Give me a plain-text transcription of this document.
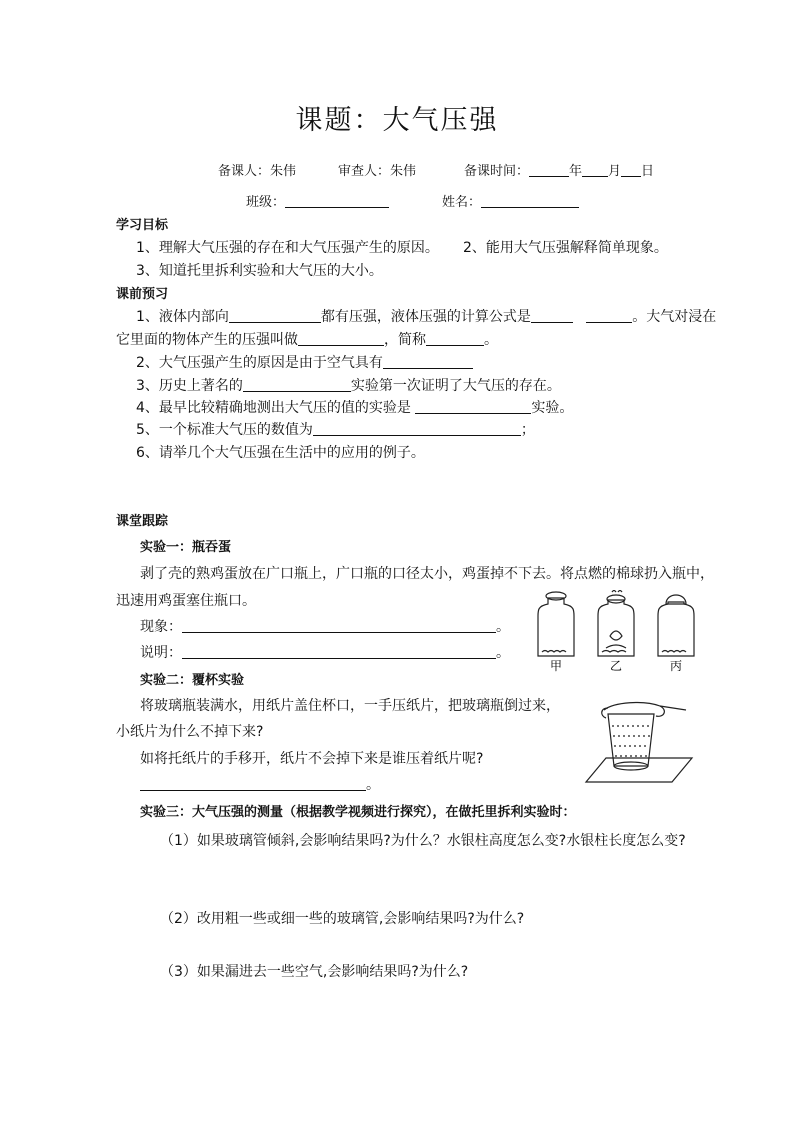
课题：大气压强
备课人：朱伟	审查人：朱伟	备课时间：	年 月 日
班级：	姓名：
学习目标
1、理解大气压强的存在和大气压强产生的原因。 2、能用大气压强解释简单现象。
3、知道托里拆利实验和大气压的大小。
课前预习
1、液体内部向	都有压强，液体压强的计算公式是	。大气对浸在
它里面的物体产生的压强叫做	，简称	。
2、大气压强产生的原因是由于空气具有
3、历史上著名的	实验第一次证明了大气压的存在。
4、最早比较精确地测出大气压的值的实验是	实验。
5、一个标准大气压的数值为	；
6、请举几个大气压强在生活中的应用的例子。
课堂跟踪
实验一：瓶吞蛋
剥了壳的熟鸡蛋放在广口瓶上，广口瓶的口径太小，鸡蛋掉不下去。将点燃的棉球扔入瓶中，
迅速用鸡蛋塞住瓶口。
现象：	。
说明：	。
甲	乙	丙
实验二：覆杯实验
将玻璃瓶装满水，用纸片盖住杯口，一手压纸片，把玻璃瓶倒过来，
小纸片为什么不掉下来?
如将托纸片的手移开，纸片不会掉下来是谁压着纸片呢?
。
实验三：大气压强的测量（根据教学视频进行探究），在做托里拆利实验时：
（1）如果玻璃管倾斜,会影响结果吗?为什么？水银柱高度怎么变?水银柱长度怎么变?
（2）改用粗一些或细一些的玻璃管,会影响结果吗?为什么?
（3）如果漏进去一些空气,会影响结果吗?为什么?
